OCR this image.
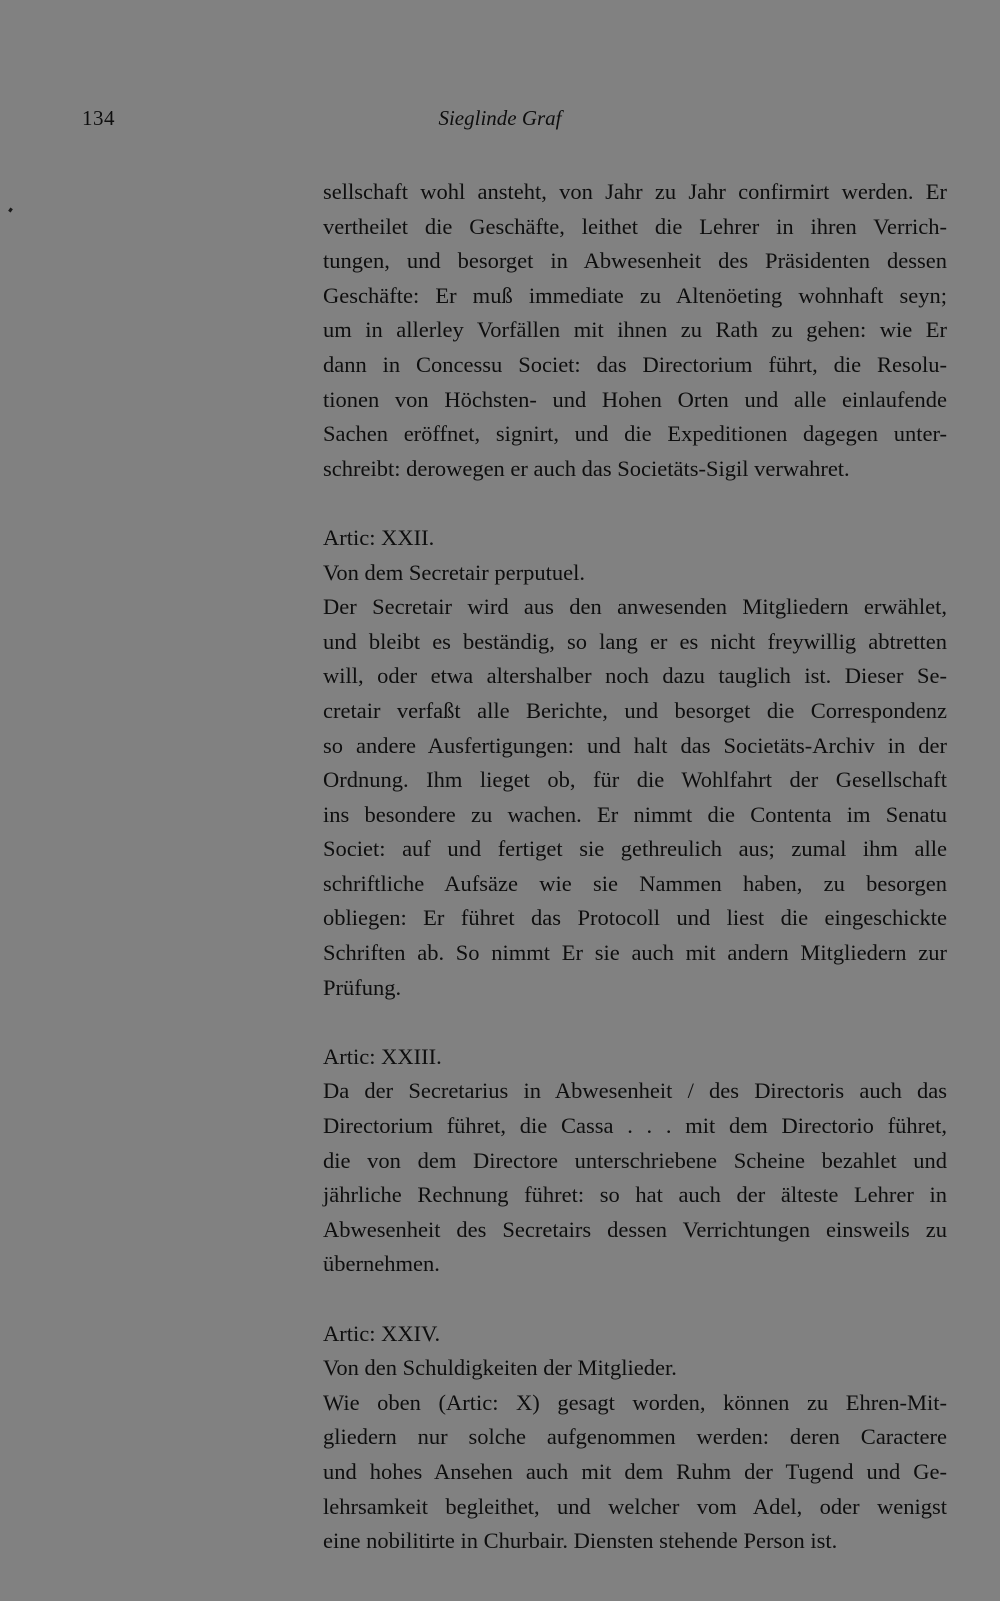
134	Sieglinde Graf
sellschaft wohl ansteht, von Jahr zu Jahr confirmirt werden. Er
vertheilet die Geschäfte, leithet die Lehrer in ihren Verrich-
tungen, und besorget in Abwesenheit des Präsidenten dessen
Geschäfte: Er muß immediate zu Altenöeting wohnhaft seyn;
um in allerley Vorfällen mit ihnen zu Rath zu gehen: wie Er
dann in Concessu Societ: das Directorium führt, die Resolu-
tionen von Höchsten- und Hohen Orten und alle einlaufende
Sachen eröffnet, signirt, und die Expeditionen dagegen unter-
schreibt: derowegen er auch das Societäts-Sigil verwahret.
Artic: XXII.
Von dem Secretair perputuel.
Der Secretair wird aus den anwesenden Mitgliedern erwählet,
und bleibt es beständig, so lang er es nicht freywillig abtretten
will, oder etwa altershalber noch dazu tauglich ist. Dieser Se-
cretair verfaßt alle Berichte, und besorget die Correspondenz
so andere Ausfertigungen: und halt das Societäts-Archiv in der
Ordnung. Ihm lieget ob, für die Wohlfahrt der Gesellschaft
ins besondere zu wachen. Er nimmt die Contenta im Senatu
Societ: auf und fertiget sie gethreulich aus; zumal ihm alle
schriftliche Aufsäze wie sie Nammen haben, zu besorgen
obliegen: Er führet das Protocoll und liest die eingeschickte
Schriften ab. So nimmt Er sie auch mit andern Mitgliedern zur
Prüfung.
Artic: XXIII.
Da der Secretarius in Abwesenheit / des Directoris auch das
Directorium führet, die Cassa . . . mit dem Directorio führet,
die von dem Directore unterschriebene Scheine bezahlet und
jährliche Rechnung führet: so hat auch der älteste Lehrer in
Abwesenheit des Secretairs dessen Verrichtungen einsweils zu
übernehmen.
Artic: XXIV.
Von den Schuldigkeiten der Mitglieder.
Wie oben (Artic: X) gesagt worden, können zu Ehren-Mit-
gliedern nur solche aufgenommen werden: deren Caractere
und hohes Ansehen auch mit dem Ruhm der Tugend und Ge-
lehrsamkeit begleithet, und welcher vom Adel, oder wenigst
eine nobilitirte in Churbair. Diensten stehende Person ist.
